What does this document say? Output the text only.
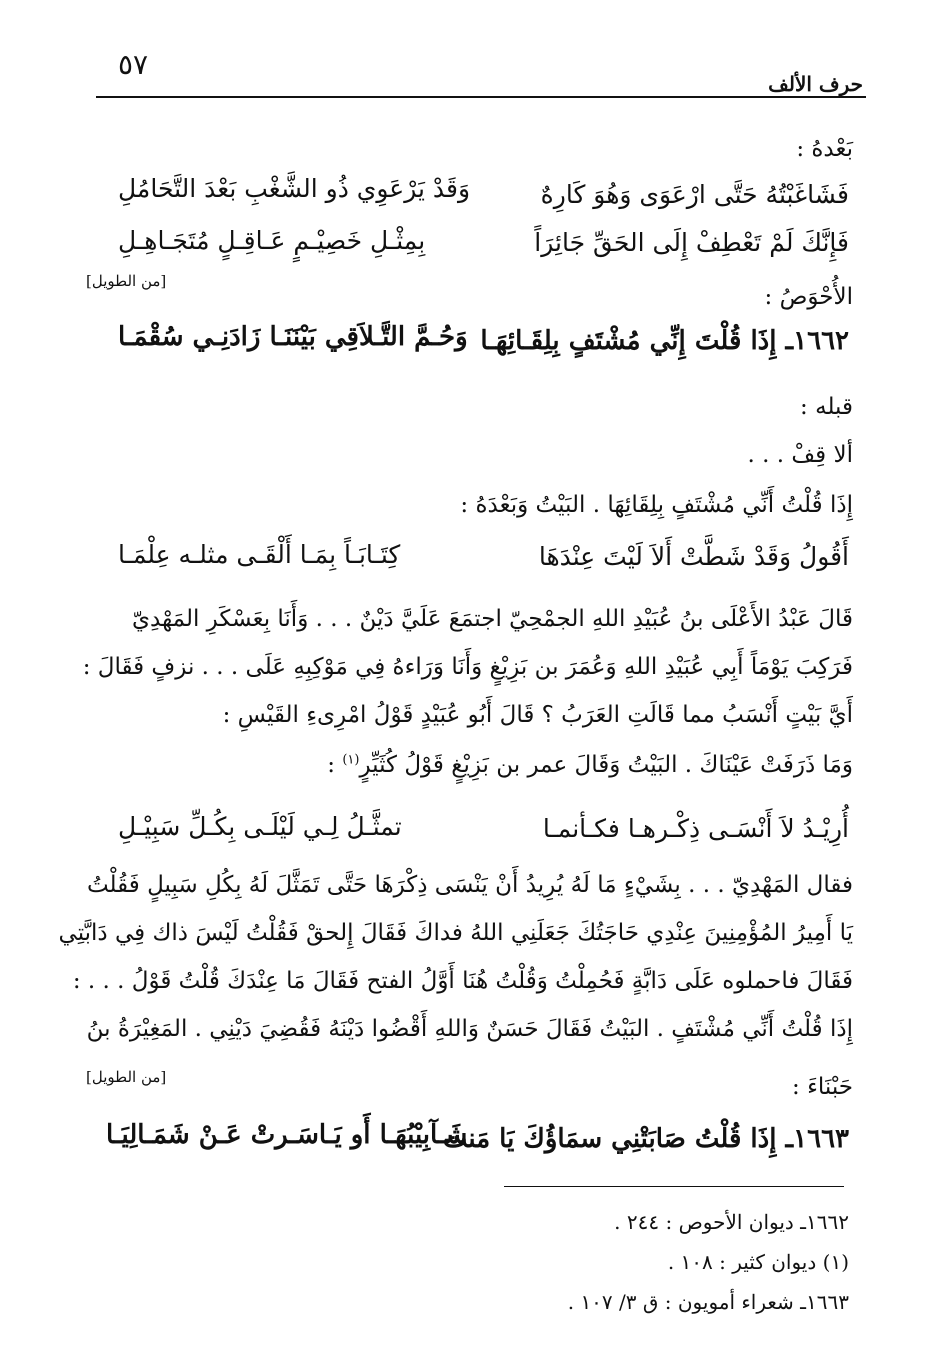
٥٧
حرف الألف
بَعْدهُ :
فَشَاغَبْتُهُ حَتَّى ارْعَوَى وَهُوَ كَارِهٌ
وَقَدْ يَرْعَوِي ذُو الشَّغْبِ بَعْدَ التَّحَامُلِ
فَإِنَّكَ لَمْ تَعْطِفْ إِلَى الحَقِّ جَائِرَاً
بِمِثْـلِ خَصِيْـمٍ عَـاقِـلٍ مُتَجَـاهِـلِ
[من الطويل]
الأُحْوَصُ :
١٦٦٢ـ إِذَا قُلْتَ إِنِّي مُشْتَفٍ بِلِقَـائِهَـا
وَحُـمَّ التَّـلاَقِي بَيْنَنَـا زَادَنِـي سُقْمَـا
قبله :
ألا قِفْ . . .
إِذَا قُلْتُ أَنِّي مُشْتَفٍ بِلِقَائِهَا . البَيْتُ وَبَعْدَهُ :
أَقُولُ وَقَدْ شَطَّتْ أَلاَ لَيْتَ عِنْدَهَا
كِتَـابَـاً بِمَـا أَلْقَـى مثلـه عِلْمَـا
قَالَ عَبْدُ الأَعْلَى بنُ عُبَيْدِ اللهِ الجمْحِيّ اجتمَعَ عَلَيَّ دَيْنٌ . . . وَأَنَا بِعَسْكَرِ المَهْدِيّ
فَرَكِبَ يَوْمَاً أَبِي عُبَيْدِ اللهِ وَعُمَرَ بن بَزِيْغٍ وَأَنَا وَرَاءهُ فِي مَوْكِبِهِ عَلَى . . . نزفٍ فَقَالَ :
أَيَّ بَيْتٍ أَنْسَبُ مما قَالَتِ العَرَبُ ؟ قَالَ أَبُو عُبَيْدٍ قَوْلُ امْرِىءِ القَيْسِ :
وَمَا ذَرَفَتْ عَيْنَاكَ . البَيْتُ وَقَالَ عمر بن بَزِيْغٍ قَوْلُ كُثَيِّرٍ$^{(١)}$ :
أُرِيْـدُ لاَ أَنْسَـى ذِكْـرهـا فكـأنمـا
تمثَّـلُ لِـي لَيْلَـى بِكُـلِّ سَبِيْـلِ
فقال المَهْدِيّ . . . بِشَيْءٍ مَا لَهُ يُرِيدُ أَنْ يَنْسَى ذِكْرَهَا حَتَّى تَمَثَّلَ لَهُ بِكُلِ سَبِيلٍ فَقُلْتُ
يَا أَمِيرُ المُؤْمِنِينَ عِنْدِي حَاجَتُكَ جَعَلَنِي اللهُ فداكَ فَقَالَ إِلحقْ فَقُلْتُ لَيْسَ ذاك فِي دَابَّتِي
فَقَالَ فاحملوه عَلَى دَابَّةٍ فَحُمِلْتُ وَقُلْتُ هُنَا أَوَّلُ الفتح فَقَالَ مَا عِنْدَكَ قُلْتُ قَوْلُ . . . :
إِذَا قُلْتُ أَنِّي مُشْتَفٍ . البَيْتُ فَقَالَ حَسَنٌ وَاللهِ أَقْضُوا دَيْنَهُ فَقُضِيَ دَيْنِي . المَغِيْرَةُ بنُ
[من الطويل]	حَبْنَاءَ :
١٦٦٣ـ إِذَا قُلْتُ صَابَتْنِي سمَاؤُكَ يَا مَنت
شَـآبِيْبُهَـا أَو يَـاسَـرتْ عَـنْ شَمَـالِيَـا
١٦٦٢ـ ديوان الأحوص : ٢٤٤ .
(١) ديوان كثير : ١٠٨ .
١٦٦٣ـ شعراء أمويون : ق ٣/ ١٠٧ .
